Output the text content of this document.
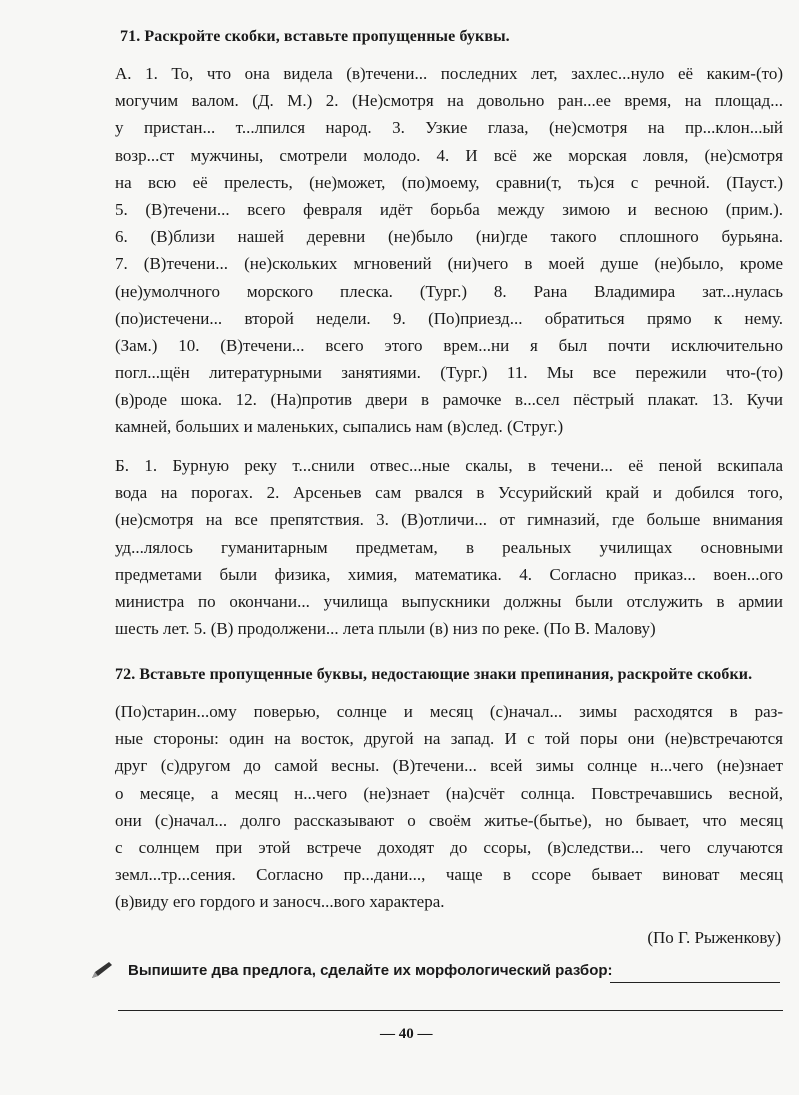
71. Раскройте скобки, вставьте пропущенные буквы.
А. 1. То, что она видела (в)течени... последних лет, захлес...нуло её каким-(то)
могучим валом. (Д. М.) 2. (Не)смотря на довольно ран...ее время, на площад...
у пристан... т...лпился народ. 3. Узкие глаза, (не)смотря на пр...клон...ый
возр...ст мужчины, смотрели молодо. 4. И всё же морская ловля, (не)смотря
на всю её прелесть, (не)может, (по)моему, сравни(т, ть)ся с речной. (Пауст.)
5. (В)течени... всего февраля идёт борьба между зимою и весною (прим.).
6. (В)близи нашей деревни (не)было (ни)где такого сплошного бурьяна.
7. (В)течени... (не)скольких мгновений (ни)чего в моей душе (не)было, кроме
(не)умолчного морского плеска. (Тург.) 8. Рана Владимира зат...нулась
(по)истечени... второй недели. 9. (По)приезд... обратиться прямо к нему.
(Зам.) 10. (В)течени... всего этого врем...ни я был почти исключительно
погл...щён литературными занятиями. (Тург.) 11. Мы все пережили что-(то)
(в)роде шока. 12. (На)против двери в рамочке в...сел пёстрый плакат. 13. Кучи
камней, больших и маленьких, сыпались нам (в)след. (Струг.)
Б. 1. Бурную реку т...снили отвес...ные скалы, в течени... её пеной вскипала
вода на порогах. 2. Арсеньев сам рвался в Уссурийский край и добился того,
(не)смотря на все препятствия. 3. (В)отличи... от гимназий, где больше внимания
уд...лялось гуманитарным предметам, в реальных училищах основными
предметами были физика, химия, математика. 4. Согласно приказ... воен...ого
министра по окончани... училища выпускники должны были отслужить в армии
шесть лет. 5. (В) продолжени... лета плыли (в) низ по реке. (По В. Малову)
72. Вставьте пропущенные буквы, недостающие знаки препинания, раскройте скобки.
(По)старин...ому поверью, солнце и месяц (с)начал... зимы расходятся в раз-
ные стороны: один на восток, другой на запад. И с той поры они (не)встречаются
друг (с)другом до самой весны. (В)течени... всей зимы солнце н...чего (не)знает
о месяце, а месяц н...чего (не)знает (на)счёт солнца. Повстречавшись весной,
они (с)начал... долго рассказывают о своём житье-(бытье), но бывает, что месяц
с солнцем при этой встрече доходят до ссоры, (в)следстви... чего случаются
земл...тр...сения. Согласно пр...дани..., чаще в ссоре бывает виноват месяц
(в)виду его гордого и заносч...вого характера.
(По Г. Рыженкову)
Выпишите два предлога, сделайте их морфологический разбор:
— 40 —
